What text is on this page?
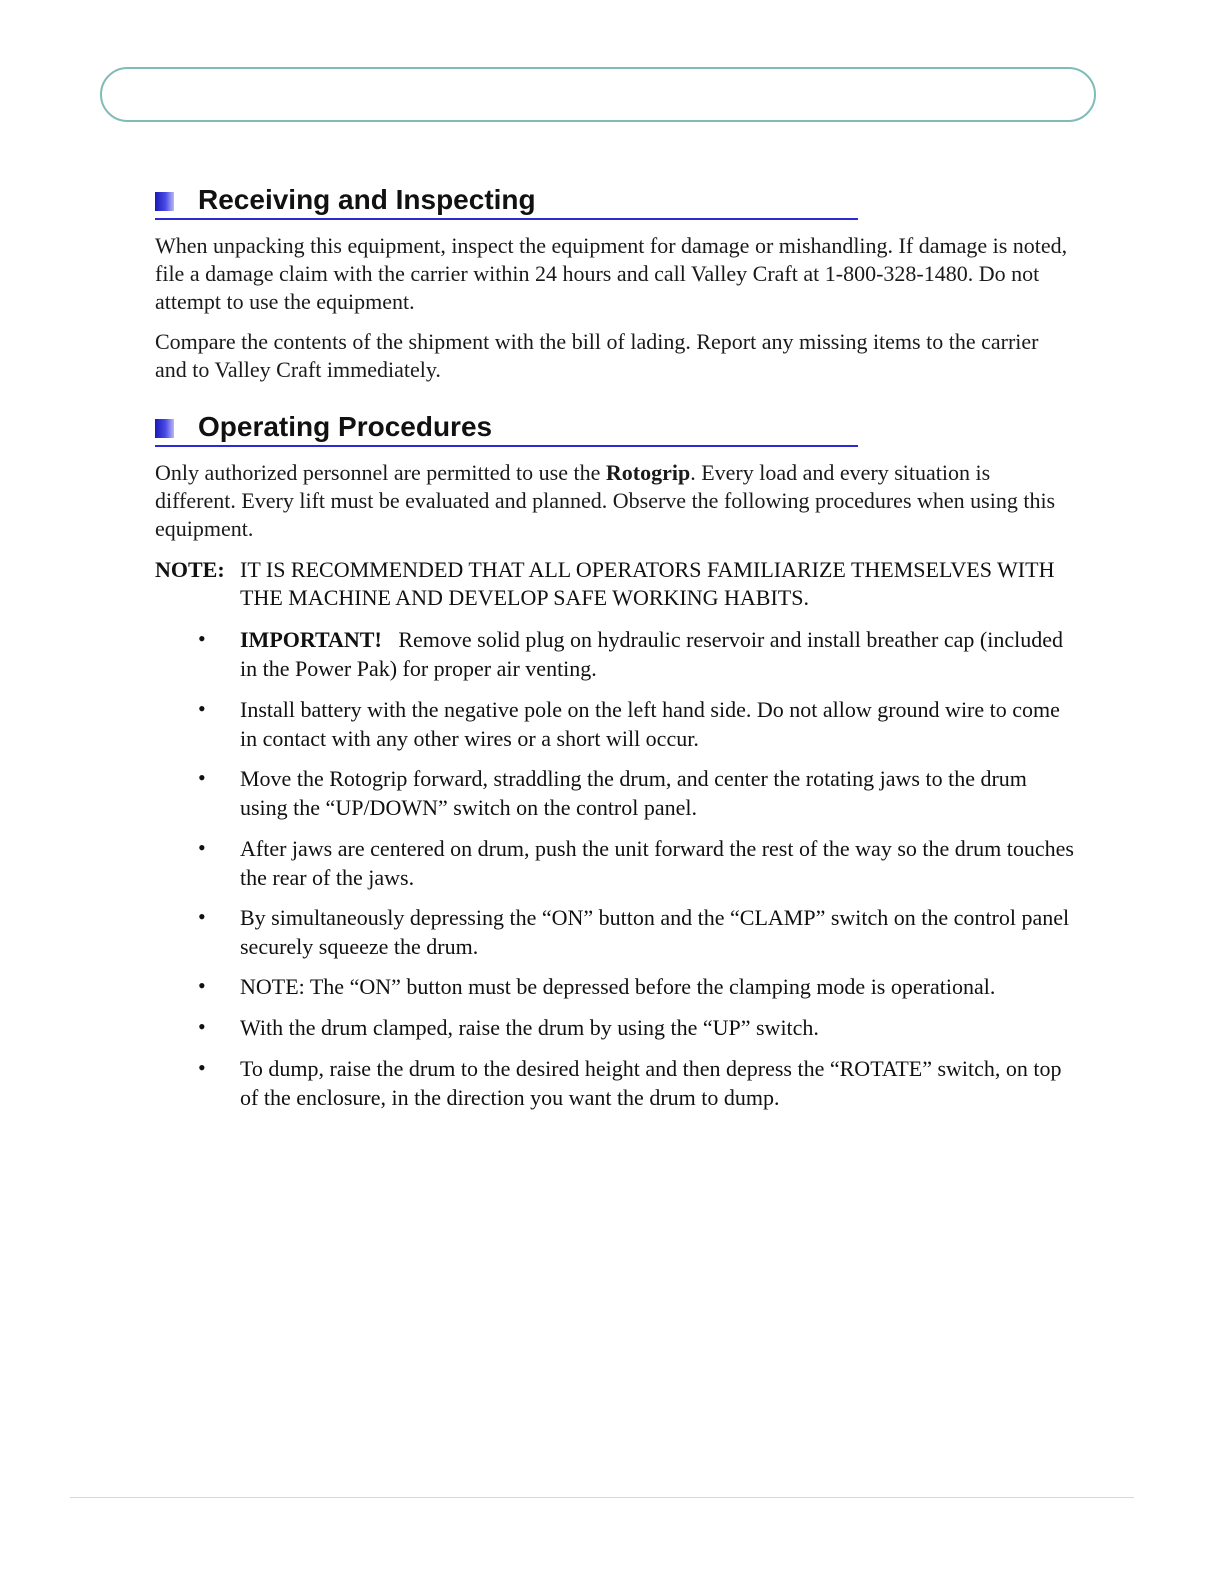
Receiving and Inspecting

When unpacking this equipment, inspect the equipment for damage or mishandling. If damage is noted, file a damage claim with the carrier within 24 hours and call Valley Craft at 1-800-328-1480. Do not attempt to use the equipment.

Compare the contents of the shipment with the bill of lading. Report any missing items to the carrier and to Valley Craft immediately.

Operating Procedures

Only authorized personnel are permitted to use the Rotogrip. Every load and every situation is different. Every lift must be evaluated and planned. Observe the following procedures when using this equipment.

NOTE: IT IS RECOMMENDED THAT ALL OPERATORS FAMILIARIZE THEMSELVES WITH THE MACHINE AND DEVELOP SAFE WORKING HABITS.
• IMPORTANT! Remove solid plug on hydraulic reservoir and install breather cap (included in the Power Pak) for proper air venting.
• Install battery with the negative pole on the left hand side. Do not allow ground wire to come in contact with any other wires or a short will occur.
• Move the Rotogrip forward, straddling the drum, and center the rotating jaws to the drum using the “UP/DOWN” switch on the control panel.
• After jaws are centered on drum, push the unit forward the rest of the way so the drum touches the rear of the jaws.
• By simultaneously depressing the “ON” button and the “CLAMP” switch on the control panel securely squeeze the drum.
• NOTE: The “ON” button must be depressed before the clamping mode is operational.
• With the drum clamped, raise the drum by using the “UP” switch.
• To dump, raise the drum to the desired height and then depress the “ROTATE” switch, on top of the enclosure, in the direction you want the drum to dump.
